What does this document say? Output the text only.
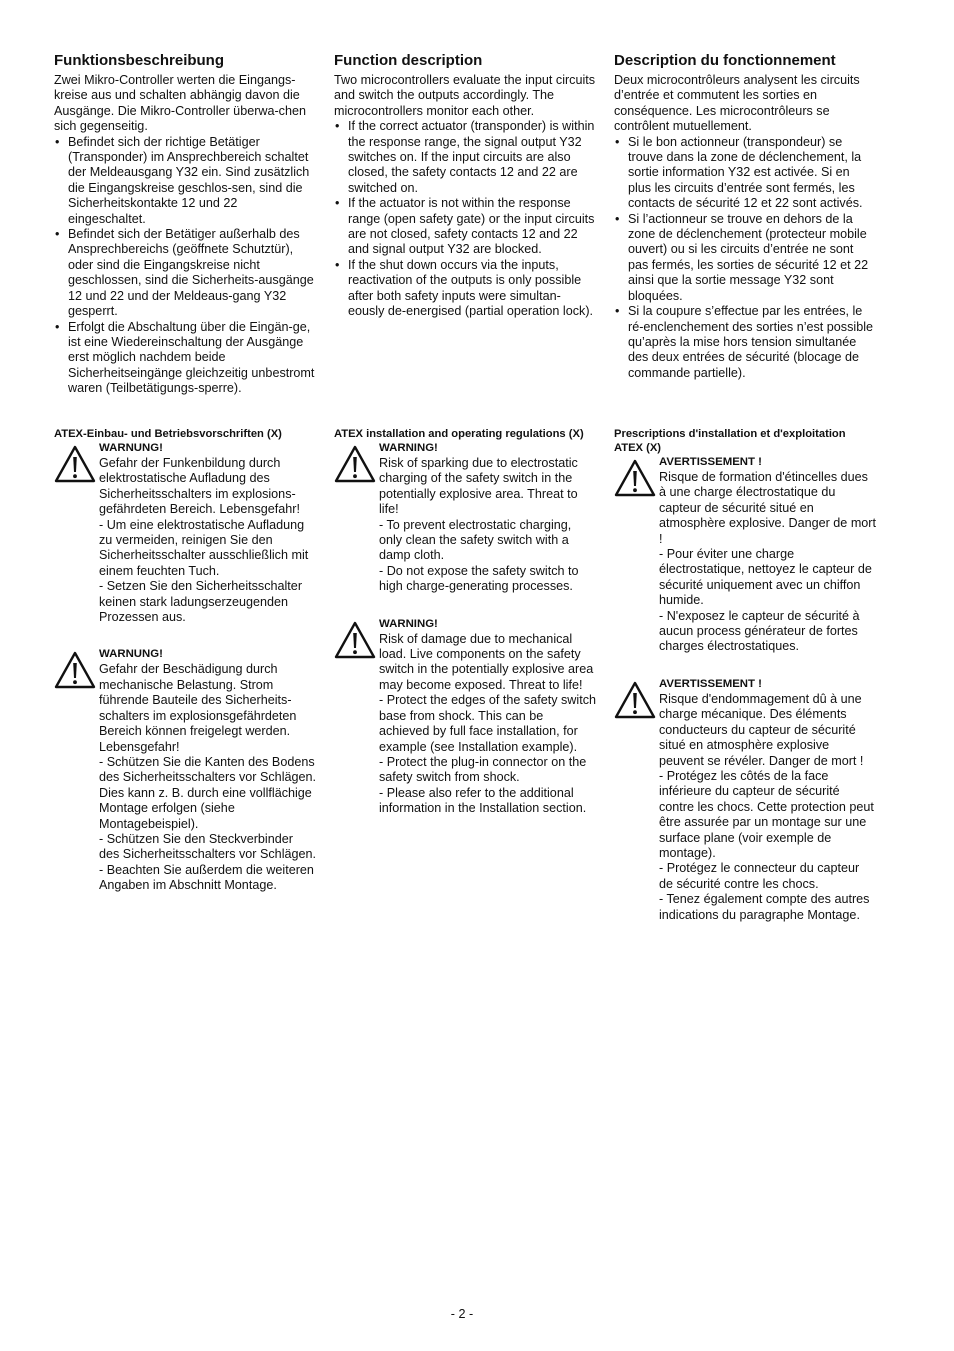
Funktionsbeschreibung

Zwei Mikro-Controller werten die Eingangs-kreise aus und schalten abhängig davon die Ausgänge. Die Mikro-Controller überwa-chen sich gegenseitig.

• Befindet sich der richtige Betätiger (Transponder) im Ansprechbereich schaltet der Meldeausgang Y32 ein. Sind zusätzlich die Eingangskreise geschlos-sen, sind die Sicherheitskontakte 12 und 22 eingeschaltet.
• Befindet sich der Betätiger außerhalb des Ansprechbereichs (geöffnete Schutztür), oder sind die Eingangskreise nicht geschlossen, sind die Sicherheits-ausgänge 12 und 22 und der Meldeaus-gang Y32 gesperrt.
• Erfolgt die Abschaltung über die Eingän-ge, ist eine Wiedereinschaltung der Ausgänge erst möglich nachdem beide Sicherheitseingänge gleichzeitig unbestromt waren (Teilbetätigungs-sperre).

ATEX-Einbau- und Betriebsvorschriften (X)

WARNUNG!
Gefahr der Funkenbildung durch elektrostatische Aufladung des Sicherheitsschalters im explosions-gefährdeten Bereich. Lebensgefahr!
- Um eine elektrostatische Aufladung zu vermeiden, reinigen Sie den Sicherheitsschalter ausschließlich mit einem feuchten Tuch.
- Setzen Sie den Sicherheitsschalter keinen stark ladungserzeugenden Prozessen aus.
WARNUNG!
Gefahr der Beschädigung durch mechanische Belastung. Strom führende Bauteile des Sicherheits-schalters im explosionsgefährdeten Bereich können freigelegt werden. Lebensgefahr!
- Schützen Sie die Kanten des Bodens des Sicherheitsschalters vor Schlägen. Dies kann z. B. durch eine vollflächige Montage erfolgen (siehe Montagebeispiel).
- Schützen Sie den Steckverbinder des Sicherheitsschalters vor Schlägen.
- Beachten Sie außerdem die weiteren Angaben im Abschnitt Montage.
Function description

Two microcontrollers evaluate the input circuits and switch the outputs accordingly. The microcontrollers monitor each other.

• If the correct actuator (transponder) is within the response range, the signal output Y32 switches on. If the input circuits are also closed, the safety contacts 12 and 22 are switched on.
• If the actuator is not within the response range (open safety gate) or the input circuits are not closed, safety contacts 12 and 22 and signal output Y32 are blocked.
• If the shut down occurs via the inputs, reactivation of the outputs is only possible after both safety inputs were simultan-eously de-energised (partial operation lock).

ATEX installation and operating regulations (X)

WARNING!
Risk of sparking due to electrostatic charging of the safety switch in the potentially explosive area. Threat to life!
- To prevent electrostatic charging, only clean the safety switch with a damp cloth.
- Do not expose the safety switch to high charge-generating processes.
WARNING!
Risk of damage due to mechanical load. Live components on the safety switch in the potentially explosive area may become exposed. Threat to life!
- Protect the edges of the safety switch base from shock. This can be achieved by full face installation, for example (see Installation example).
- Protect the plug-in connector on the safety switch from shock.
- Please also refer to the additional information in the Installation section.
Description du fonctionnement

Deux microcontrôleurs analysent les circuits d’entrée et commutent les sorties en conséquence. Les microcontrôleurs se contrôlent mutuellement.

• Si le bon actionneur (transpondeur) se trouve dans la zone de déclenchement, la sortie information Y32 est activée. Si en plus les circuits d’entrée sont fermés, les contacts de sécurité 12 et 22 sont activés.
• Si l’actionneur se trouve en dehors de la zone de déclenchement (protecteur mobile ouvert) ou si les circuits d’entrée ne sont pas fermés, les sorties de sécurité 12 et 22 ainsi que la sortie message Y32 sont bloquées.
• Si la coupure s’effectue par les entrées, le ré-enclenchement des sorties n’est possible qu’après la mise hors tension simultanée des deux entrées de sécurité (blocage de commande partielle).

Prescriptions d'installation et d'exploitation ATEX (X)

AVERTISSEMENT !
Risque de formation d'étincelles dues à une charge électrostatique du capteur de sécurité situé en atmosphère explosive. Danger de mort !
- Pour éviter une charge électrostatique, nettoyez le capteur de sécurité uniquement avec un chiffon humide.
- N'exposez le capteur de sécurité à aucun process générateur de fortes charges électrostatiques.
AVERTISSEMENT !
Risque d'endommagement dû à une charge mécanique. Des éléments conducteurs du capteur de sécurité situé en atmosphère explosive peuvent se révéler. Danger de mort !
- Protégez les côtés de la face inférieure du capteur de sécurité contre les chocs. Cette protection peut être assurée par un montage sur une surface plane (voir exemple de montage).
- Protégez le connecteur du capteur de sécurité contre les chocs.
- Tenez également compte des autres indications du paragraphe Montage.
- 2 -
